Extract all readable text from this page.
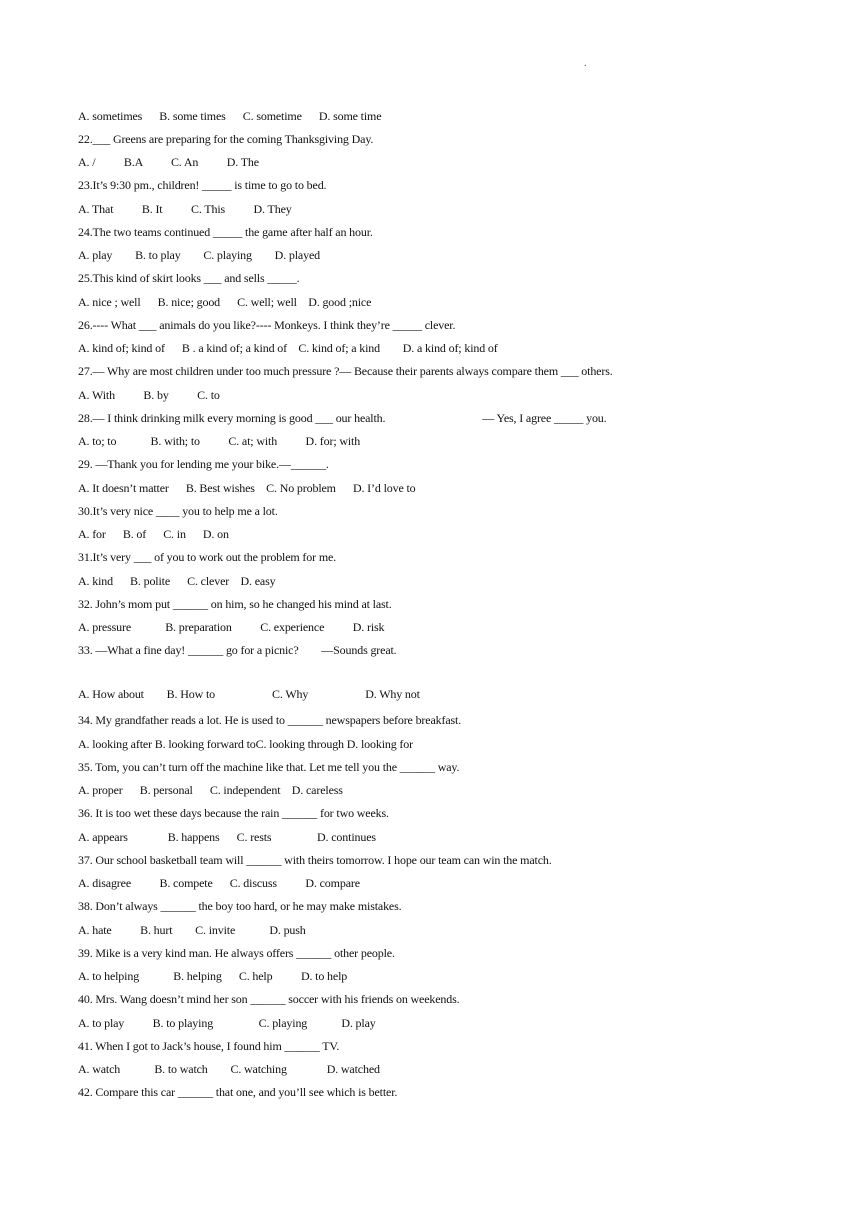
.
A. sometimes      B. some times      C. sometime      D. some time
22.___ Greens are preparing for the coming Thanksgiving Day.
A. /          B.A          C. An          D. The
23.It’s 9:30 pm., children! _____ is time to go to bed.
A. That          B. It          C. This          D. They
24.The two teams continued _____ the game after half an hour.
A. play        B. to play        C. playing        D. played
25.This kind of skirt looks ___ and sells _____.
A. nice ; well      B. nice; good      C. well; well    D. good ;nice
26.---- What ___ animals do you like?---- Monkeys. I think they’re _____ clever.
A. kind of; kind of      B . a kind of; a kind of    C. kind of; a kind        D. a kind of; kind of
27.— Why are most children under too much pressure ?— Because their parents always compare them ___ others.
A. With          B. by          C. to
28.— I think drinking milk every morning is good ___ our health.                                  — Yes, I agree _____ you.
A. to; to            B. with; to          C. at; with          D. for; with
29. —Thank you for lending me your bike.—______.
A. It doesn’t matter      B. Best wishes    C. No problem      D. I’d love to
30.It’s very nice ____ you to help me a lot.
A. for      B. of      C. in      D. on
31.It’s very ___ of you to work out the problem for me.
A. kind      B. polite      C. clever    D. easy
32. John’s mom put ______ on him, so he changed his mind at last.
A. pressure            B. preparation          C. experience          D. risk
33. —What a fine day! ______ go for a picnic?        —Sounds great.
A. How about        B. How to                    C. Why                    D. Why not
34. My grandfather reads a lot. He is used to ______ newspapers before breakfast.
A. looking after B. looking forward toC. looking through D. looking for
35. Tom, you can’t turn off the machine like that. Let me tell you the ______ way.
A. proper      B. personal      C. independent    D. careless
36. It is too wet these days because the rain ______ for two weeks.
A. appears              B. happens      C. rests                D. continues
37. Our school basketball team will ______ with theirs tomorrow. I hope our team can win the match.
A. disagree          B. compete      C. discuss          D. compare
38. Don’t always ______ the boy too hard, or he may make mistakes.
A. hate          B. hurt        C. invite            D. push
39. Mike is a very kind man. He always offers ______ other people.
A. to helping            B. helping      C. help          D. to help
40. Mrs. Wang doesn’t mind her son ______ soccer with his friends on weekends.
A. to play          B. to playing                C. playing            D. play
41. When I got to Jack’s house, I found him ______ TV.
A. watch            B. to watch        C. watching              D. watched
42. Compare this car ______ that one, and you’ll see which is better.
